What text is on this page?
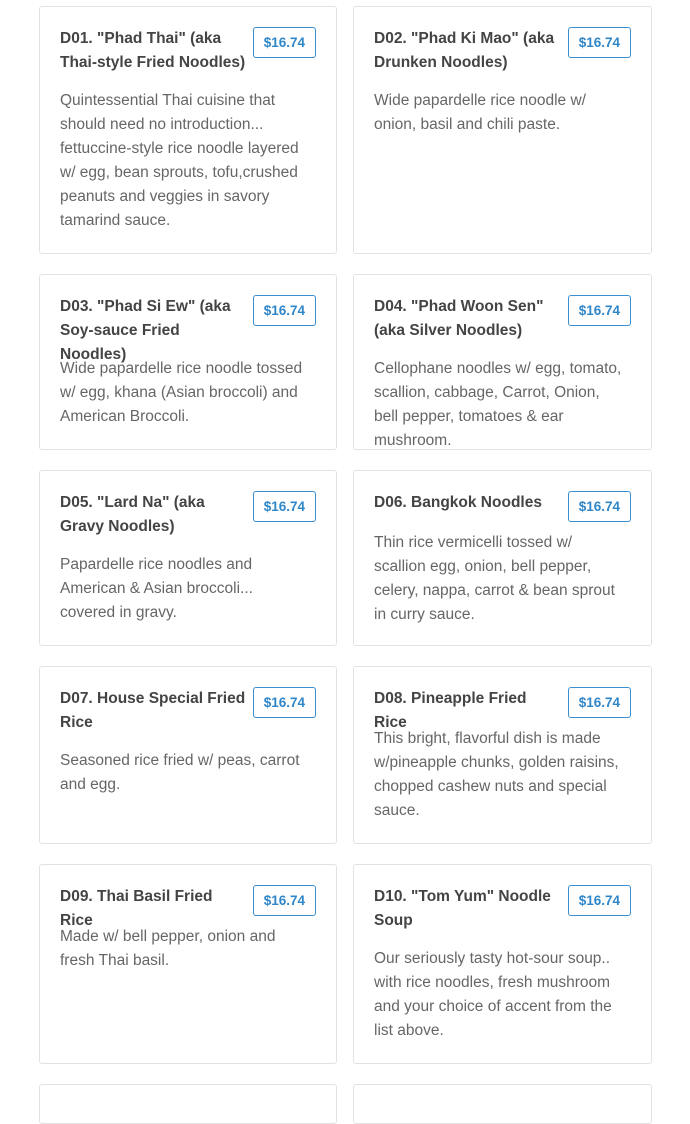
D01. "Phad Thai" (aka Thai-style Fried Noodles)
$16.74
Quintessential Thai cuisine that should need no introduction... fettuccine-style rice noodle layered w/ egg, bean sprouts, tofu,crushed peanuts and veggies in savory tamarind sauce.
D02. "Phad Ki Mao" (aka Drunken Noodles)
$16.74
Wide papardelle rice noodle w/ onion, basil and chili paste.
D03. "Phad Si Ew" (aka Soy-sauce Fried Noodles)
$16.74
Wide papardelle rice noodle tossed w/ egg, khana (Asian broccoli) and American Broccoli.
D04. "Phad Woon Sen" (aka Silver Noodles)
$16.74
Cellophane noodles w/ egg, tomato, scallion, cabbage, Carrot, Onion, bell pepper, tomatoes & ear mushroom.
D05. "Lard Na" (aka Gravy Noodles)
$16.74
Papardelle rice noodles and American & Asian broccoli... covered in gravy.
D06. Bangkok Noodles	$16.74
Thin rice vermicelli tossed w/ scallion egg, onion, bell pepper, celery, nappa, carrot & bean sprout in curry sauce.
D07. House Special Fried Rice
$16.74
Seasoned rice fried w/ peas, carrot and egg.
D08. Pineapple Fried Rice
$16.74
This bright, flavorful dish is made w/pineapple chunks, golden raisins, chopped cashew nuts and special sauce.
D09. Thai Basil Fried Rice
$16.74
Made w/ bell pepper, onion and fresh Thai basil.
D10. "Tom Yum" Noodle Soup
$16.74
Our seriously tasty hot-sour soup.. with rice noodles, fresh mushroom and your choice of accent from the list above.
